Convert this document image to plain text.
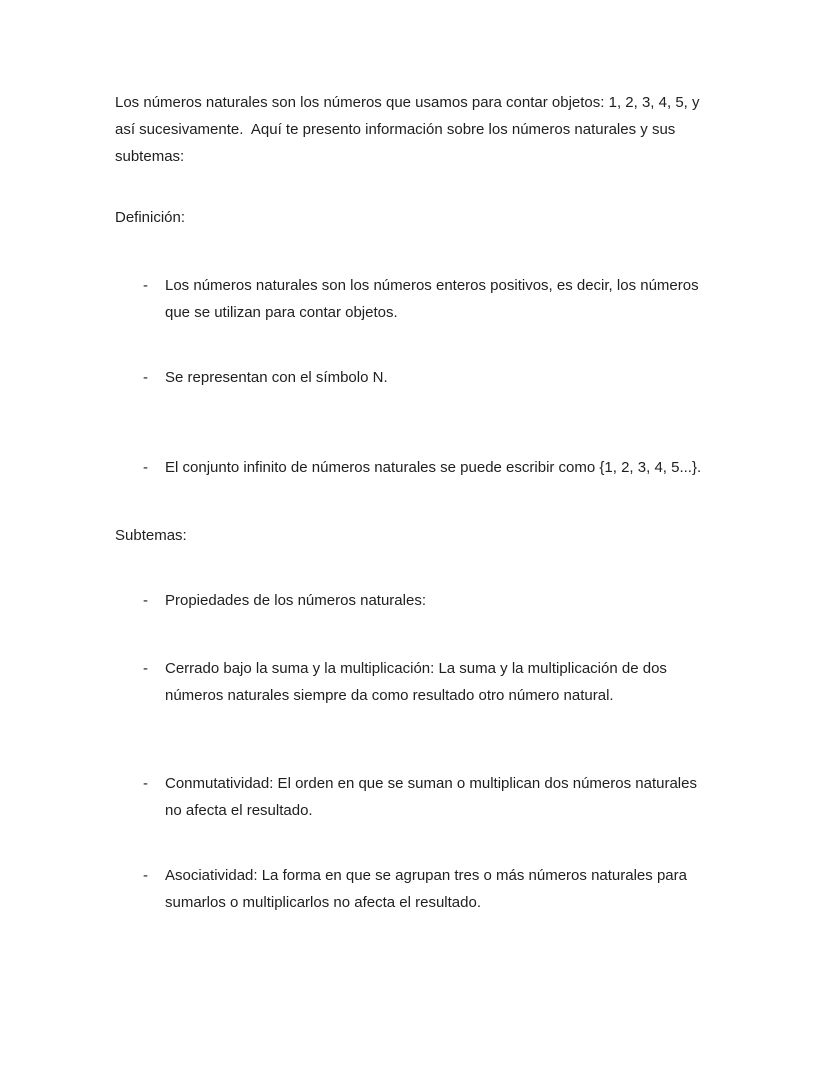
Los números naturales son los números que usamos para contar objetos: 1, 2, 3, 4, 5, y así sucesivamente.  Aquí te presento información sobre los números naturales y sus subtemas:

Definición:

-	Los números naturales son los números enteros positivos, es decir, los números que se utilizan para contar objetos.
-	Se representan con el símbolo N.
-	El conjunto infinito de números naturales se puede escribir como {1, 2, 3, 4, 5...}.

Subtemas:

-	Propiedades de los números naturales:
-	Cerrado bajo la suma y la multiplicación: La suma y la multiplicación de dos números naturales siempre da como resultado otro número natural.
-	Conmutatividad: El orden en que se suman o multiplican dos números naturales no afecta el resultado.
-	Asociatividad: La forma en que se agrupan tres o más números naturales para sumarlos o multiplicarlos no afecta el resultado.
